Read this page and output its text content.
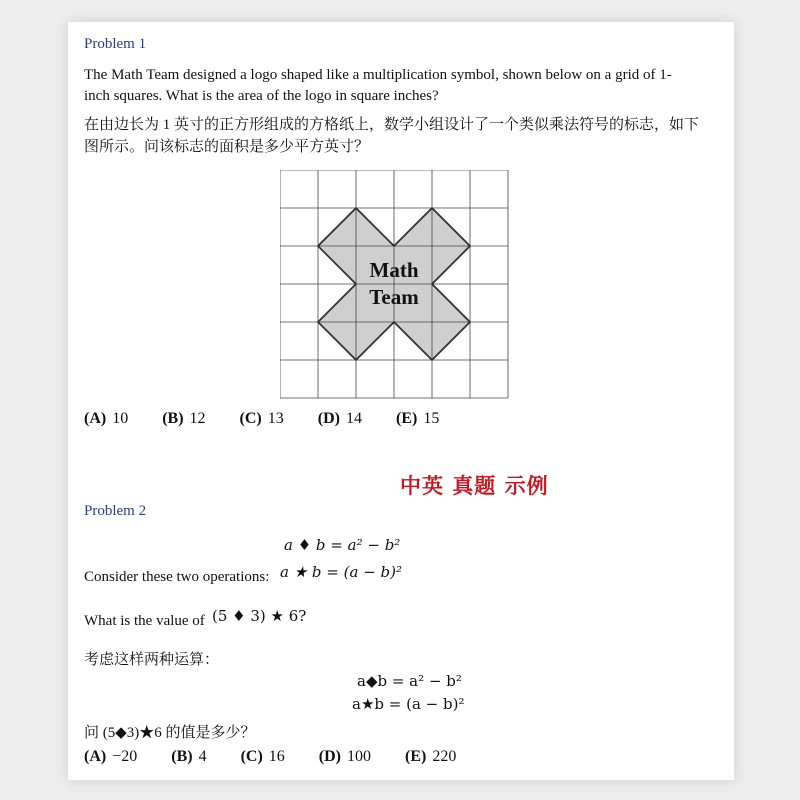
Problem 1
The Math Team designed a logo shaped like a multiplication symbol, shown below on a grid of 1-
inch squares. What is the area of the logo in square inches?
在由边长为 1 英寸的正方形组成的方格纸上，数学小组设计了一个类似乘法符号的标志，如下
图所示。问该标志的面积是多少平方英寸？
Math
Team
(A) 10 (B) 12 (C) 13 (D) 14 (E) 15
中英 真题 示例
Problem 2
a ♦ b = a² − b²
Consider these two operations: a ★ b = (a − b)²
What is the value of (5 ♦ 3) ★ 6?
考虑这样两种运算：
a◆b = a² − b²
a★b = (a − b)²
问 (5◆3)★6 的值是多少？
(A) −20 (B) 4 (C) 16 (D) 100 (E) 220
